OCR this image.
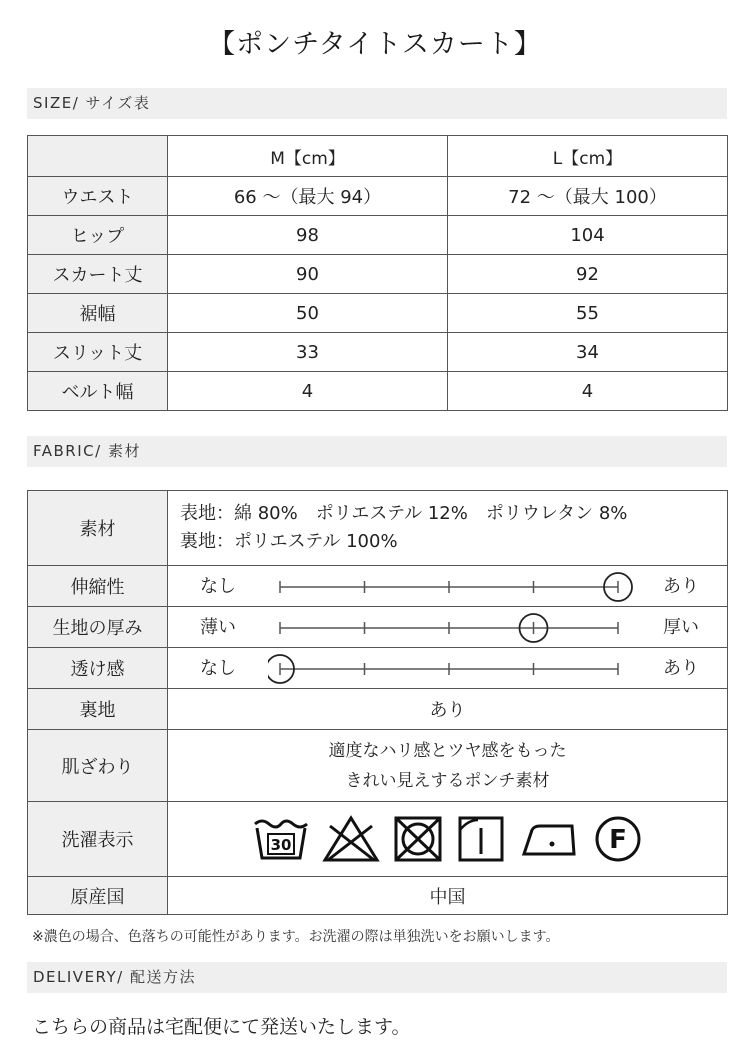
【ポンチタイトスカート】
SIZE/ サイズ表
	M【cm】	L【cm】
ウエスト	66 〜（最大 94）	72 〜（最大 100）
ヒップ	98	104
スカート丈	90	92
裾幅	50	55
スリット丈	33	34
ベルト幅	4	4
FABRIC/ 素材
素材	表地：綿 80%　ポリエステル 12%　ポリウレタン 8%
裏地：ポリエステル 100%

伸縮性	なし あり

生地の厚み	薄い 厚い

透け感	なし あり

裏地	あり
肌ざわり	適度なハリ感とツヤ感をもった
きれい見えするポンチ素材

洗濯表示	30 F

原産国	中国
※濃色の場合、色落ちの可能性があります。お洗濯の際は単独洗いをお願いします。
DELIVERY/ 配送方法
こちらの商品は宅配便にて発送いたします。
